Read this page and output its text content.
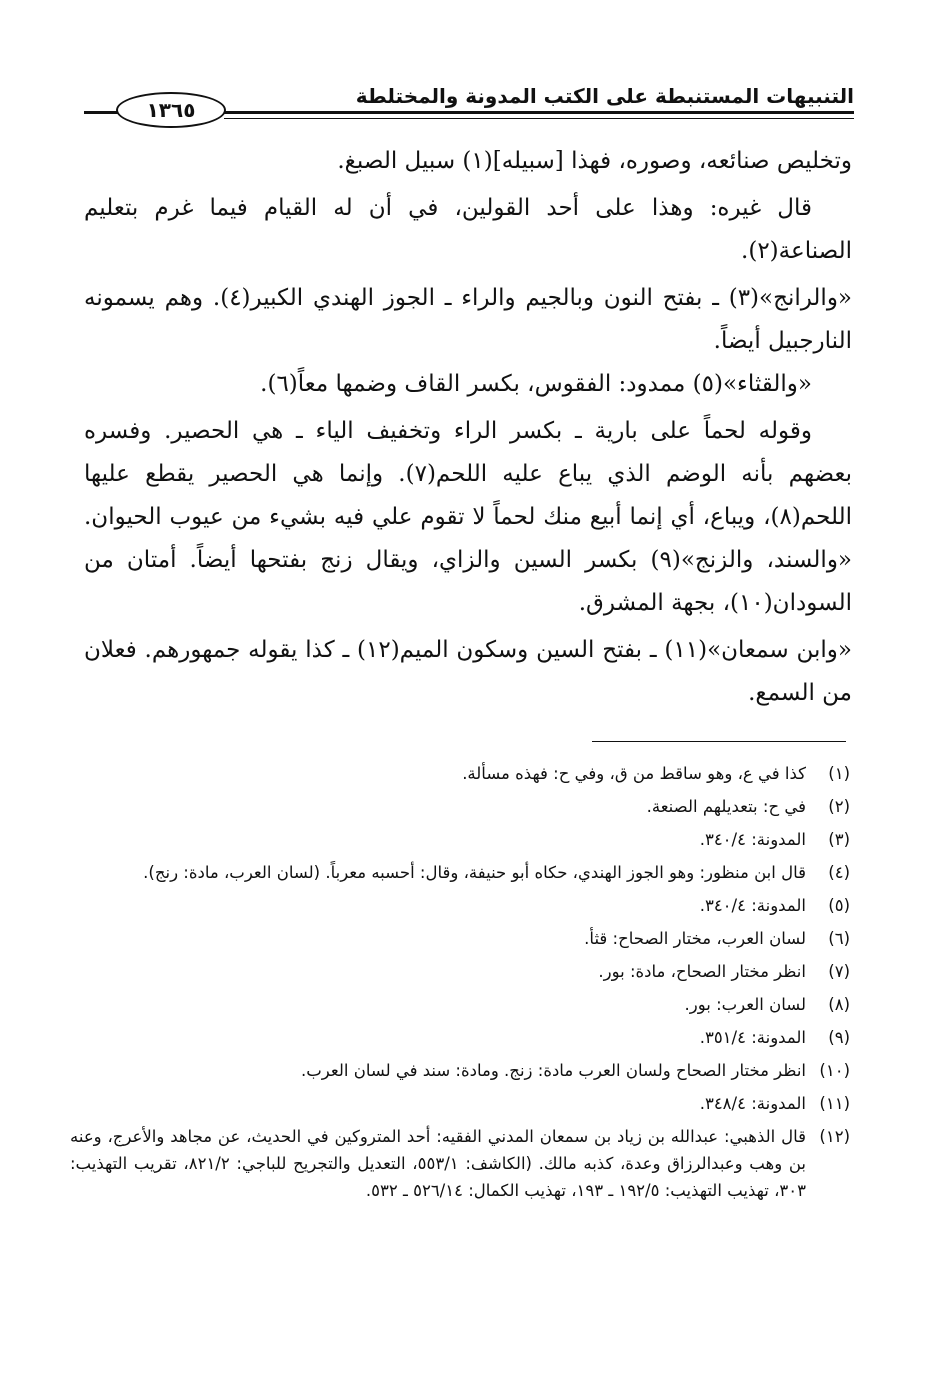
التنبيهات المستنبطة على الكتب المدونة والمختلطة
١٣٦٥

وتخليص صنائعه، وصوره، فهذا [سبيله](١) سبيل الصبغ.

قال غيره: وهذا على أحد القولين، في أن له القيام فيما غرم بتعليم الصناعة(٢).

«والرانج»(٣) ـ بفتح النون وبالجيم والراء ـ الجوز الهندي الكبير(٤). وهم يسمونه النارجبيل أيضاً.

«والقثاء»(٥) ممدود: الفقوس، بكسر القاف وضمها معاً(٦).

وقوله لحماً على بارية ـ بكسر الراء وتخفيف الياء ـ هي الحصير. وفسره بعضهم بأنه الوضم الذي يباع عليه اللحم(٧). وإنما هي الحصير يقطع عليها اللحم(٨)، ويباع، أي إنما أبيع منك لحماً لا تقوم علي فيه بشيء من عيوب الحيوان. «والسند، والزنج»(٩) بكسر السين والزاي، ويقال زنج بفتحها أيضاً. أمتان من السودان(١٠)، بجهة المشرق.

«وابن سمعان»(١١) ـ بفتح السين وسكون الميم(١٢) ـ كذا يقوله جمهورهم. فعلان من السمع.

(١)
كذا في ع، وهو ساقط من ق، وفي ح: فهذه مسألة.
(٢)
في ح: بتعديلهم الصنعة.
(٣)
المدونة: ٣٤٠/٤.
(٤)
قال ابن منظور: وهو الجوز الهندي، حكاه أبو حنيفة، وقال: أحسبه معرباً. (لسان العرب، مادة: رنج).
(٥)
المدونة: ٣٤٠/٤.
(٦)
لسان العرب، مختار الصحاح: قثأ.
(٧)
انظر مختار الصحاح، مادة: بور.
(٨)
لسان العرب: بور.
(٩)
المدونة: ٣٥١/٤.
(١٠)
انظر مختار الصحاح ولسان العرب مادة: زنج. ومادة: سند في لسان العرب.
(١١)
المدونة: ٣٤٨/٤.
(١٢)
قال الذهبي: عبدالله بن زياد بن سمعان المدني الفقيه: أحد المتروكين في الحديث، عن مجاهد والأعرج، وعنه بن وهب وعبدالرزاق وعدة، كذبه مالك. (الكاشف: ٥٥٣/١، التعديل والتجريح للباجي: ٨٢١/٢، تقريب التهذيب: ٣٠٣، تهذيب التهذيب: ١٩٢/٥ ـ ١٩٣، تهذيب الكمال: ٥٢٦/١٤ ـ ٥٣٢.
